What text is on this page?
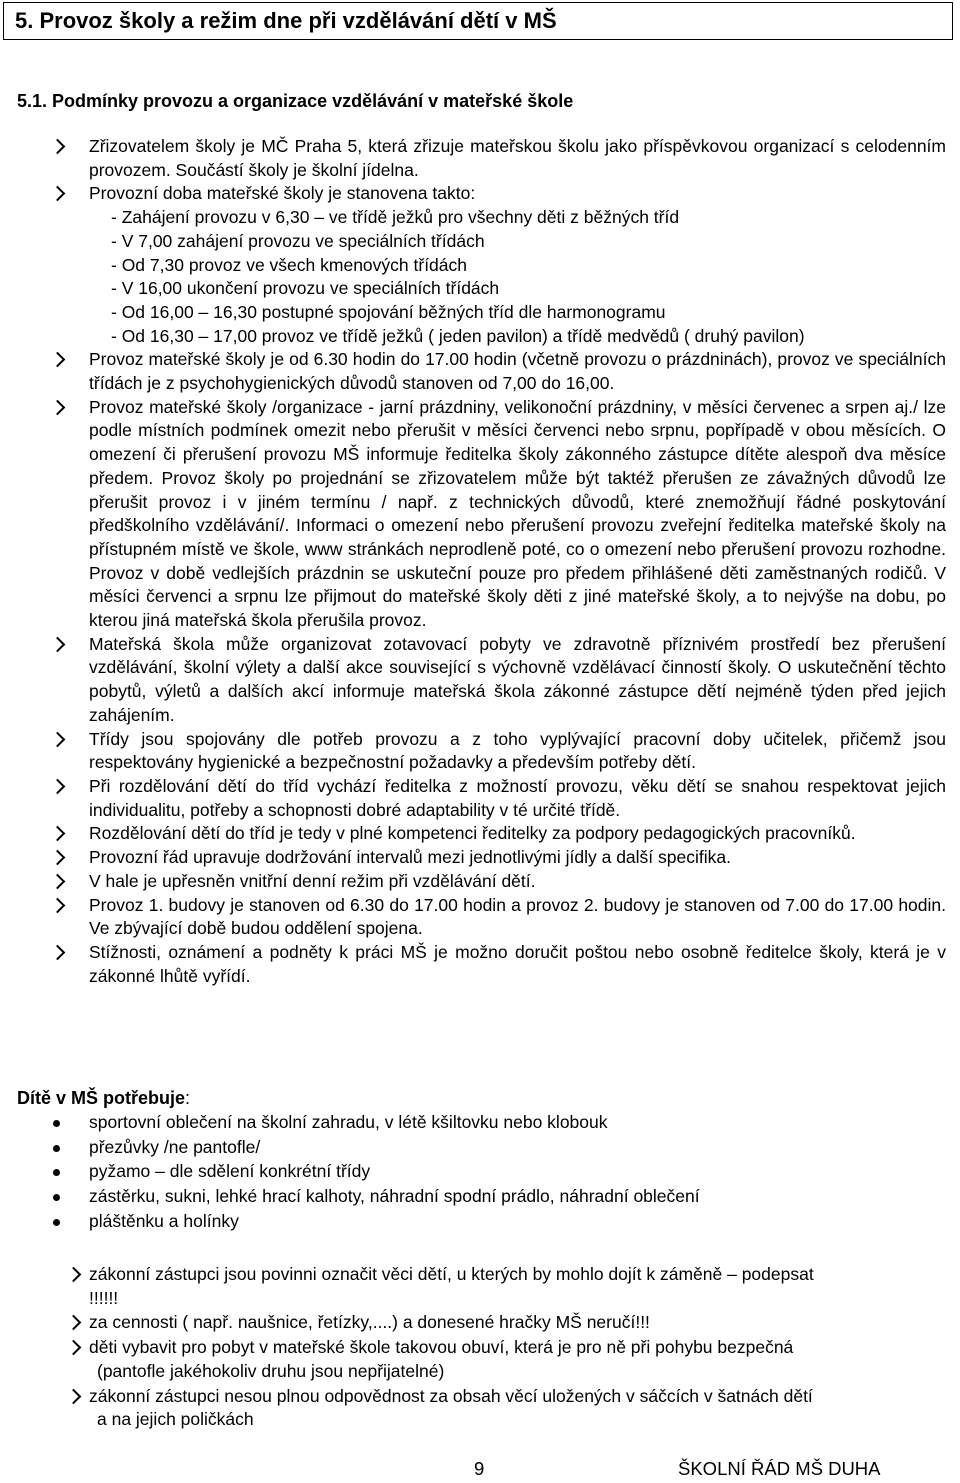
5. Provoz školy a režim dne při vzdělávání dětí v MŠ
5.1. Podmínky provozu a organizace vzdělávání v mateřské škole
Zřizovatelem školy je MČ Praha 5, která zřizuje mateřskou školu jako příspěvkovou organizací s celodenním provozem. Součástí školy je školní jídelna.
Provozní doba mateřské školy je stanovena takto:
- Zahájení provozu v 6,30 – ve třídě ježků pro všechny děti z běžných tříd
- V 7,00 zahájení provozu ve speciálních třídách
- Od 7,30 provoz ve všech kmenových třídách
- V 16,00 ukončení provozu ve speciálních třídách
- Od 16,00 – 16,30 postupné spojování běžných tříd dle harmonogramu
- Od 16,30 – 17,00 provoz ve třídě ježků ( jeden pavilon) a třídě medvědů ( druhý pavilon)
Provoz mateřské školy je od 6.30 hodin do 17.00 hodin (včetně provozu o prázdninách), provoz ve speciálních třídách je z psychohygienických důvodů stanoven od 7,00 do 16,00.
Provoz mateřské školy /organizace - jarní prázdniny, velikonoční prázdniny, v měsíci červenec a srpen aj./ lze podle místních podmínek omezit nebo přerušit v měsíci červenci nebo srpnu, popřípadě v obou měsících. O omezení či přerušení provozu MŠ informuje ředitelka školy zákonného zástupce dítěte alespoň dva měsíce předem. Provoz školy po projednání se zřizovatelem může být taktéž přerušen ze závažných důvodů lze přerušit provoz i v jiném termínu / např. z technických důvodů, které znemožňují řádné poskytování předškolního vzdělávání/. Informaci o omezení nebo přerušení provozu zveřejní ředitelka mateřské školy na přístupném místě ve škole, www stránkách neprodleně poté, co o omezení nebo přerušení provozu rozhodne. Provoz v době vedlejších prázdnin se uskuteční pouze pro předem přihlášené děti zaměstnaných rodičů. V měsíci červenci a srpnu lze přijmout do mateřské školy děti z jiné mateřské školy, a to nejvýše na dobu, po kterou jiná mateřská škola přerušila provoz.
Mateřská škola může organizovat zotavovací pobyty ve zdravotně příznivém prostředí bez přerušení vzdělávání, školní výlety a další akce související s výchovně vzdělávací činností školy. O uskutečnění těchto pobytů, výletů a dalších akcí informuje mateřská škola zákonné zástupce dětí nejméně týden před jejich zahájením.
Třídy jsou spojovány dle potřeb provozu a z toho vyplývající pracovní doby učitelek, přičemž jsou respektovány hygienické a bezpečnostní požadavky a především potřeby dětí.
Při rozdělování dětí do tříd vychází ředitelka z možností provozu, věku dětí se snahou respektovat jejich individualitu, potřeby a schopnosti dobré adaptability v té určité třídě.
Rozdělování dětí do tříd je tedy v plné kompetenci ředitelky za podpory pedagogických pracovníků.
Provozní řád upravuje dodržování intervalů mezi jednotlivými jídly a další specifika.
V hale je upřesněn vnitřní denní režim při vzdělávání dětí.
Provoz 1. budovy je stanoven od 6.30 do 17.00 hodin a provoz 2. budovy je stanoven od 7.00 do 17.00 hodin. Ve zbývající době budou oddělení spojena.
Stížnosti, oznámení a podněty k práci MŠ je možno doručit poštou nebo osobně ředitelce školy, která je v zákonné lhůtě vyřídí.
Dítě v MŠ potřebuje:
sportovní oblečení na školní zahradu, v létě kšiltovku nebo klobouk
přezůvky /ne pantofle/
pyžamo – dle sdělení konkrétní třídy
zástěrku, sukni, lehké hrací kalhoty, náhradní spodní prádlo, náhradní oblečení
pláštěnku a holínky
zákonní zástupci jsou povinni označit věci dětí, u kterých by mohlo dojít k záměně – podepsat
!!!!!!
za cennosti ( např. naušnice, řetízky,....) a donesené hračky MŠ neručí!!!
děti vybavit pro pobyt v mateřské škole takovou obuví, která je pro ně při pohybu bezpečná
(pantofle jakéhokoliv druhu jsou nepřijatelné)
zákonní zástupci nesou plnou odpovědnost za obsah věcí uložených v sáčcích v šatnách dětí
a na jejich poličkách
9	ŠKOLNÍ ŘÁD MŠ DUHA
